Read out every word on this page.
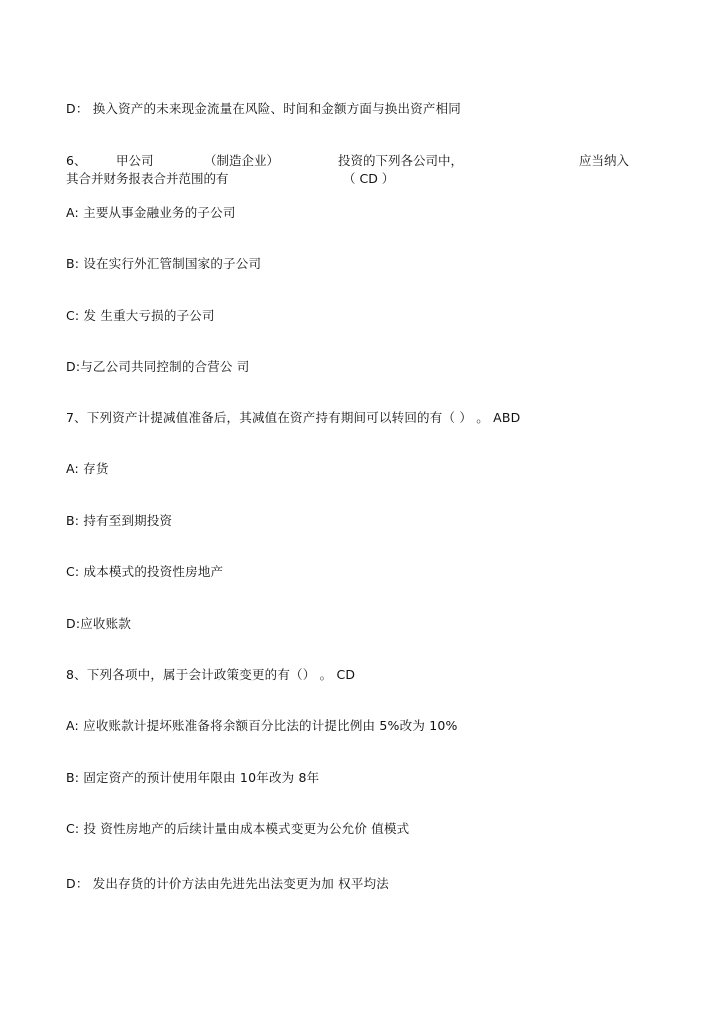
D： 换入资产的未来现金流量在风险、时间和金额方面与换出资产相同
6、 甲公司	（制造企业）	投资的下列各公司中，	应当纳入
其合并财务报表合并范围的有	（ CD ）
A: 主要从事金融业务的子公司
B: 设在实行外汇管制国家的子公司
C: 发 生重大亏损的子公司
D:与乙公司共同控制的合营公 司
7、下列资产计提减值准备后，其减值在资产持有期间可以转回的有（ ） 。 ABD
A: 存货
B: 持有至到期投资
C: 成本模式的投资性房地产
D:应收账款
8、下列各项中，属于会计政策变更的有（） 。 CD
A: 应收账款计提坏账准备将余额百分比法的计提比例由 5%改为 10%
B: 固定资产的预计使用年限由 10年改为 8年
C: 投 资性房地产的后续计量由成本模式变更为公允价 值模式
D： 发出存货的计价方法由先进先出法变更为加 权平均法
